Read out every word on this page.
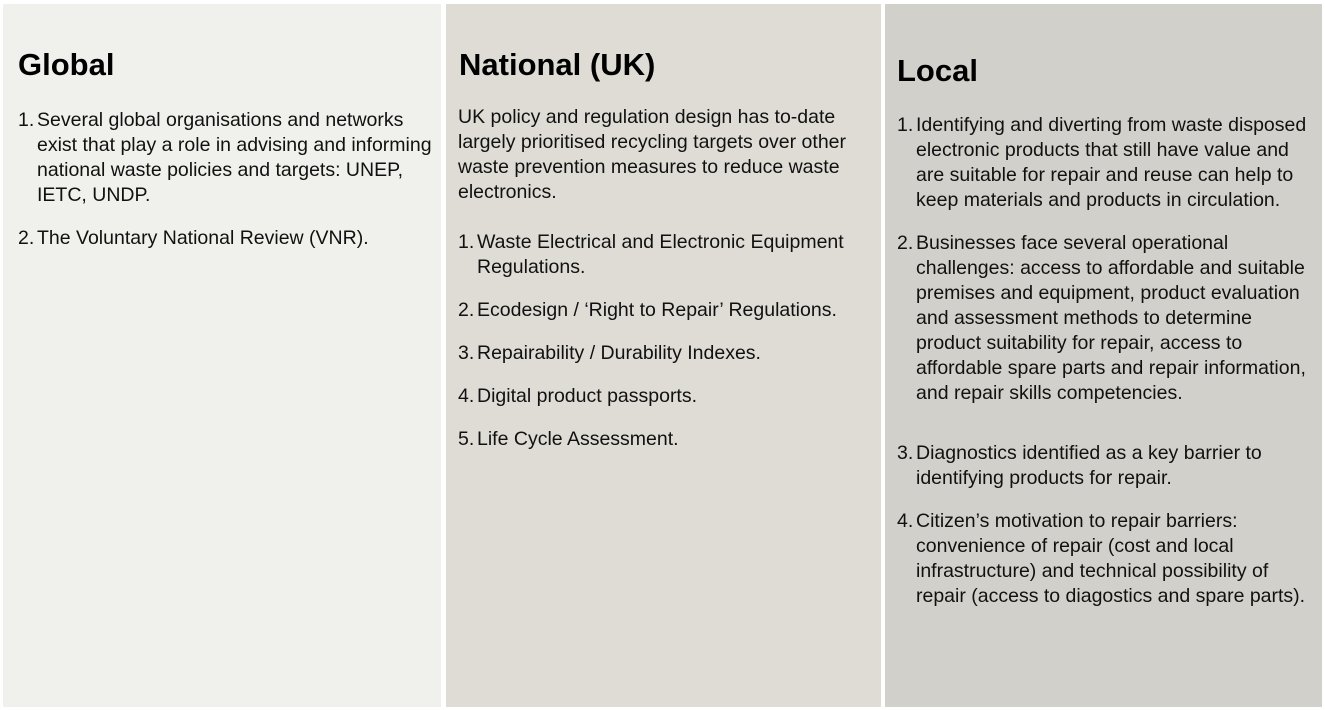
Global
1. Several global organisations and networks exist that play a role in advising and informing national waste policies and targets: UNEP, IETC, UNDP.
2. The Voluntary National Review (VNR).
National (UK)

UK policy and regulation design has to-date largely prioritised recycling targets over other waste prevention measures to reduce waste electronics.

1. Waste Electrical and Electronic Equipment Regulations.
2. Ecodesign / ‘Right to Repair’ Regulations.
3. Repairability / Durability Indexes.
4. Digital product passports.
5. Life Cycle Assessment.
Local
1. Identifying and diverting from waste disposed electronic products that still have value and are suitable for repair and reuse can help to keep materials and products in circulation.
2. Businesses face several operational challenges: access to affordable and suitable premises and equipment, product evaluation and assessment methods to determine product suitability for repair, access to affordable spare parts and repair information, and repair skills competencies.
3. Diagnostics identified as a key barrier to identifying products for repair.
4. Citizen’s motivation to repair barriers: convenience of repair (cost and local infrastructure) and technical possibility of repair (access to diagostics and spare parts).
